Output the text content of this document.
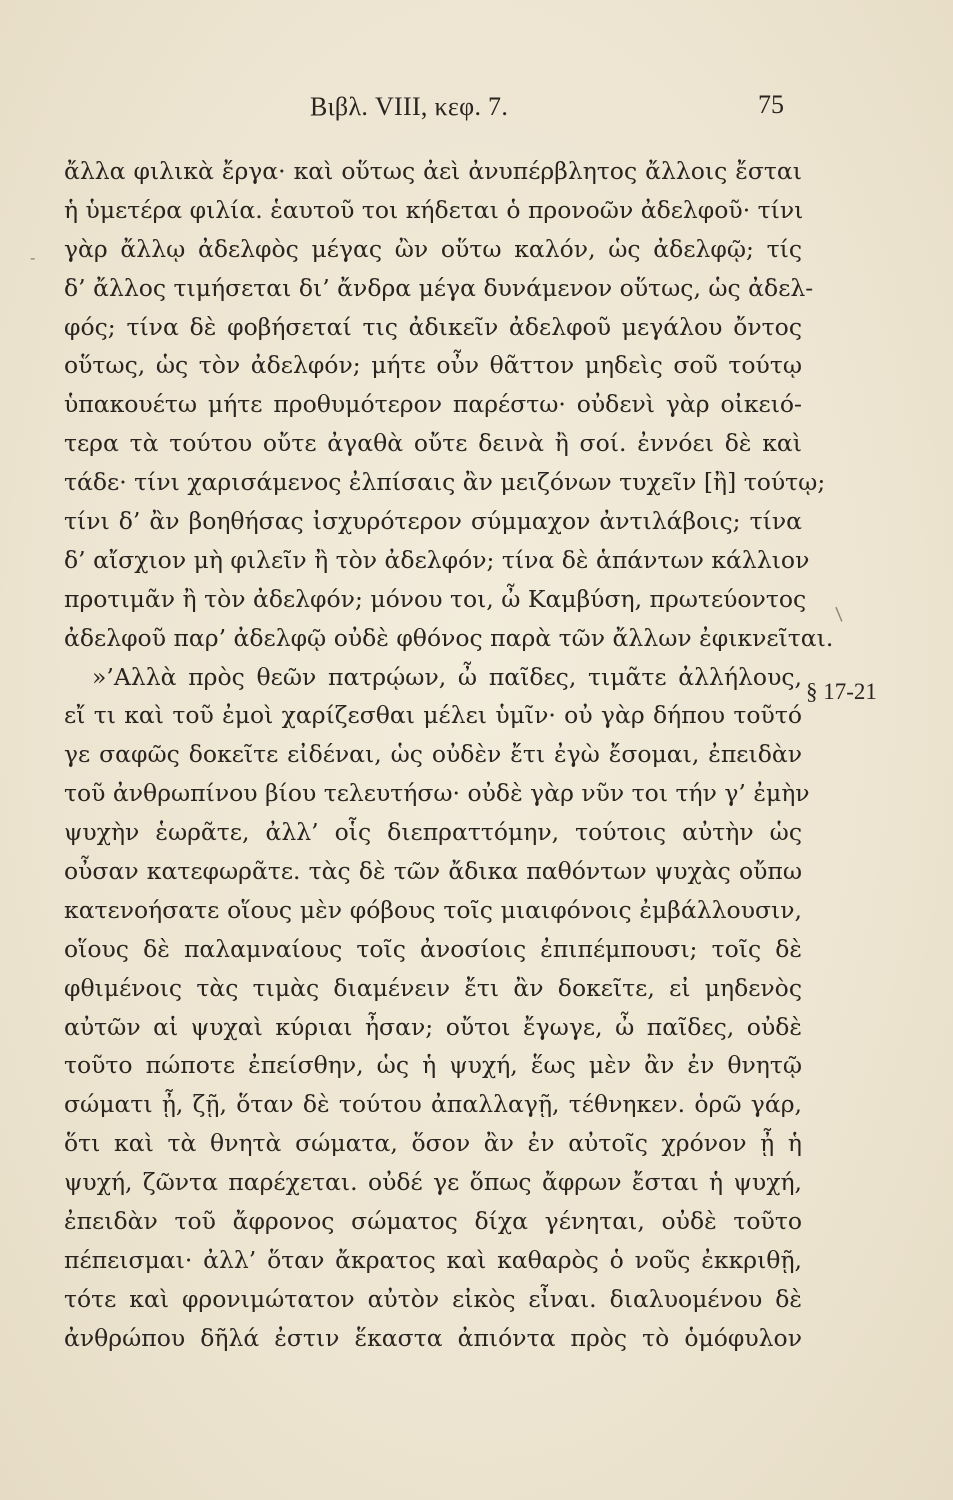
Βιβλ. VIII, κεφ. 7.	75
-
/
ἄλλα φιλικὰ ἔργα· καὶ οὕτως ἀεὶ ἀνυπέρβλητος ἄλλοις ἔσται
ἡ ὑμετέρα φιλία. ἑαυτοῦ τοι κήδεται ὁ προνοῶν ἀδελφοῦ· τίνι
γὰρ ἄλλῳ ἀδελφὸς μέγας ὢν οὕτω καλόν, ὡς ἀδελφῷ; τίς
δ’ ἄλλος τιμήσεται δι’ ἄνδρα μέγα δυνάμενον οὕτως, ὡς ἀδελ-
φός; τίνα δὲ φοβήσεταί τις ἀδικεῖν ἀδελφοῦ μεγάλου ὄντος
οὕτως, ὡς τὸν ἀδελφόν; μήτε οὖν θᾶττον μηδεὶς σοῦ τούτῳ
ὑπακουέτω μήτε προθυμότερον παρέστω· οὐδενὶ γὰρ οἰκειό-
τερα τὰ τούτου οὔτε ἀγαθὰ οὔτε δεινὰ ἢ σοί. ἐννόει δὲ καὶ
τάδε· τίνι χαρισάμενος ἐλπίσαις ἂν μειζόνων τυχεῖν [ἢ] τούτῳ;
τίνι δ’ ἂν βοηθήσας ἰσχυρότερον σύμμαχον ἀντιλάβοις; τίνα
δ’ αἴσχιον μὴ φιλεῖν ἢ τὸν ἀδελφόν; τίνα δὲ ἁπάντων κάλλιον
προτιμᾶν ἢ τὸν ἀδελφόν; μόνου τοι, ὦ Καμβύση, πρωτεύοντος
ἀδελφοῦ παρ’ ἀδελφῷ οὐδὲ φθόνος παρὰ τῶν ἄλλων ἐφικνεῖται.
»’Αλλὰ πρὸς θεῶν πατρῴων, ὦ παῖδες, τιμᾶτε ἀλλήλους,
εἴ τι καὶ τοῦ ἐμοὶ χαρίζεσθαι μέλει ὑμῖν· οὐ γὰρ δήπου τοῦτό
γε σαφῶς δοκεῖτε εἰδέναι, ὡς οὐδὲν ἔτι ἐγὼ ἔσομαι, ἐπειδὰν
τοῦ ἀνθρωπίνου βίου τελευτήσω· οὐδὲ γὰρ νῦν τοι τήν γ’ ἐμὴν
ψυχὴν ἑωρᾶτε, ἀλλ’ οἷς διεπραττόμην, τούτοις αὐτὴν ὡς
οὖσαν κατεφωρᾶτε. τὰς δὲ τῶν ἄδικα παθόντων ψυχὰς οὔπω
κατενοήσατε οἵους μὲν φόβους τοῖς μιαιφόνοις ἐμβάλλουσιν,
οἵους δὲ παλαμναίους τοῖς ἀνοσίοις ἐπιπέμπουσι; τοῖς δὲ
φθιμένοις τὰς τιμὰς διαμένειν ἔτι ἂν δοκεῖτε, εἰ μηδενὸς
αὐτῶν αἱ ψυχαὶ κύριαι ἦσαν; οὔτοι ἔγωγε, ὦ παῖδες, οὐδὲ
τοῦτο πώποτε ἐπείσθην, ὡς ἡ ψυχή, ἕως μὲν ἂν ἐν θνητῷ
σώματι ᾖ, ζῇ, ὅταν δὲ τούτου ἀπαλλαγῇ, τέθνηκεν. ὁρῶ γάρ,
ὅτι καὶ τὰ θνητὰ σώματα, ὅσον ἂν ἐν αὐτοῖς χρόνον ᾖ ἡ
ψυχή, ζῶντα παρέχεται. οὐδέ γε ὅπως ἄφρων ἔσται ἡ ψυχή,
ἐπειδὰν τοῦ ἄφρονος σώματος δίχα γένηται, οὐδὲ τοῦτο
πέπεισμαι· ἀλλ’ ὅταν ἄκρατος καὶ καθαρὸς ὁ νοῦς ἐκκριθῇ,
τότε καὶ φρονιμώτατον αὐτὸν εἰκὸς εἶναι. διαλυομένου δὲ
ἀνθρώπου δῆλά ἐστιν ἕκαστα ἀπιόντα πρὸς τὸ ὁμόφυλον
§ 17-21
